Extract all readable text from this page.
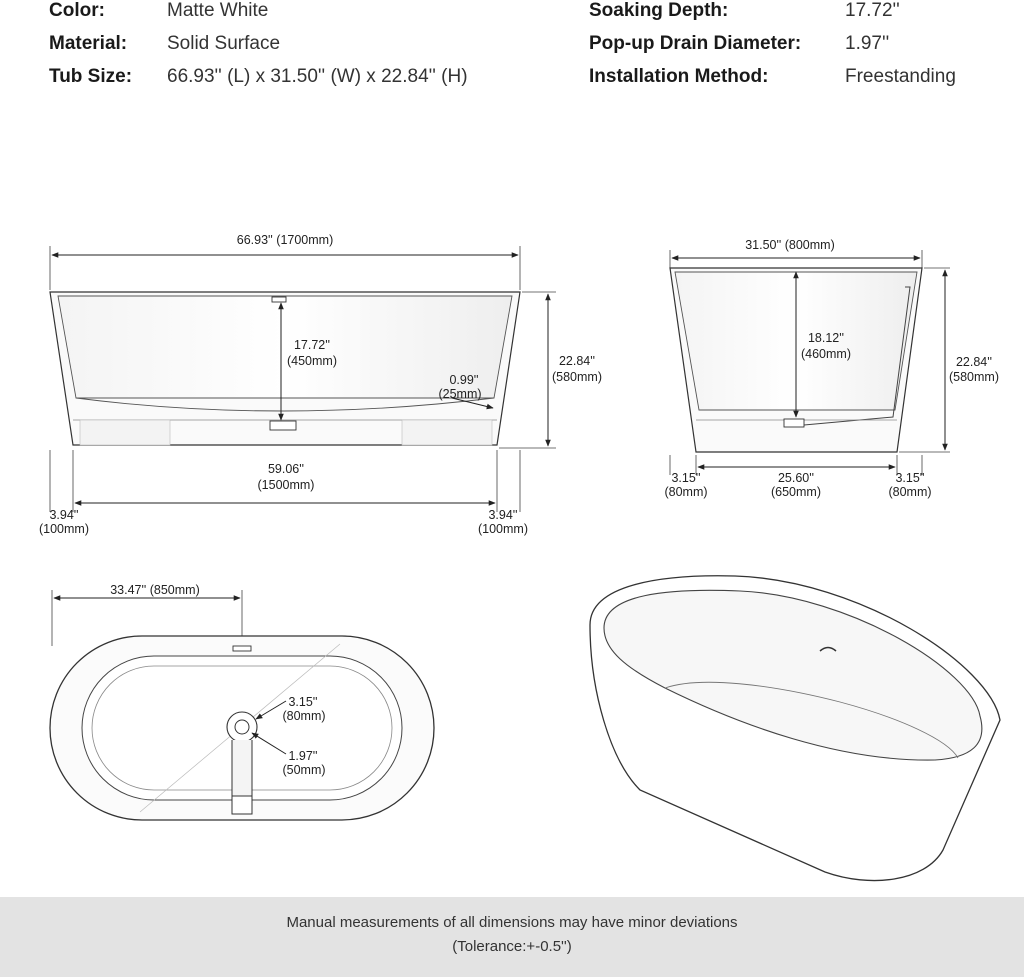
Color:	Matte White
Material: Solid Surface
Tub Size: 66.93'' (L) x 31.50'' (W) x 22.84'' (H)
Soaking Depth:	17.72''
Pop-up Drain Diameter: 1.97''
Installation Method:	Freestanding
66.93'' (1700mm)
17.72''
(450mm)
0.99''
(25mm)
22.84''
(580mm)
59.06''
(1500mm)
3.94''
(100mm)
3.94''
(100mm)
31.50'' (800mm)
18.12''
(460mm)
22.84''
(580mm)
3.15''
(80mm)
25.60''
(650mm)
3.15''
(80mm)
33.47'' (850mm)
3.15''
(80mm)
1.97''
(50mm)
Manual measurements of all dimensions may have minor deviations
(Tolerance:+-0.5'')
